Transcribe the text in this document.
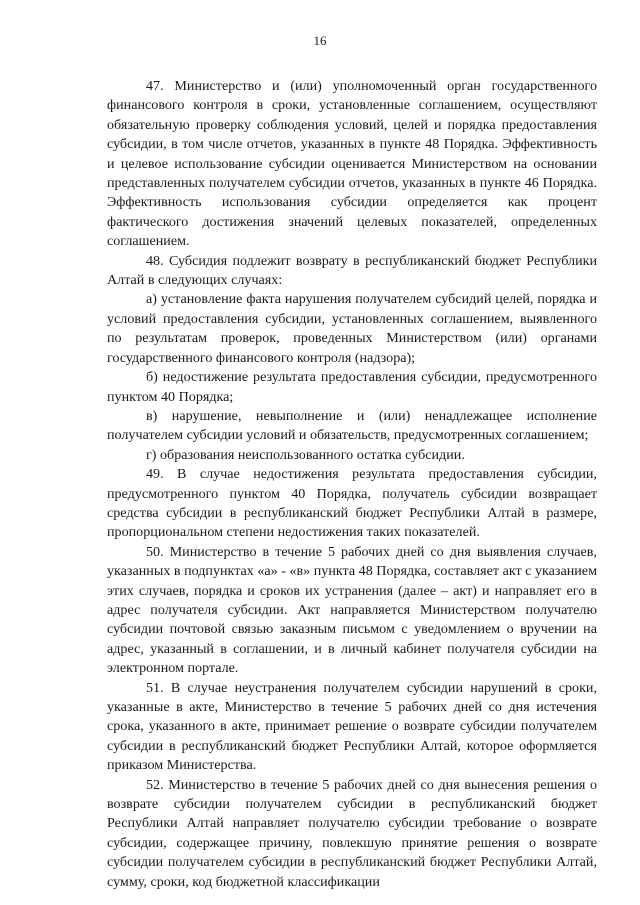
16

47. Министерство и (или) уполномоченный орган государственного финансового контроля в сроки, установленные соглашением, осуществляют обязательную проверку соблюдения условий, целей и порядка предоставления субсидии, в том числе отчетов, указанных в пункте 48 Порядка. Эффективность и целевое использование субсидии оценивается Министерством на основании представленных получателем субсидии отчетов, указанных в пункте 46 Порядка. Эффективность использования субсидии определяется как процент фактического достижения значений целевых показателей, определенных соглашением.

48. Субсидия подлежит возврату в республиканский бюджет Республики Алтай в следующих случаях:

а) установление факта нарушения получателем субсидий целей, порядка и условий предоставления субсидии, установленных соглашением, выявленного по результатам проверок, проведенных Министерством (или) органами государственного финансового контроля (надзора);

б) недостижение результата предоставления субсидии, предусмотренного пунктом 40 Порядка;

в) нарушение, невыполнение и (или) ненадлежащее исполнение получателем субсидии условий и обязательств, предусмотренных соглашением;

г) образования неиспользованного остатка субсидии.

49. В случае недостижения результата предоставления субсидии, предусмотренного пунктом 40 Порядка, получатель субсидии возвращает средства субсидии в республиканский бюджет Республики Алтай в размере, пропорциональном степени недостижения таких показателей.

50. Министерство в течение 5 рабочих дней со дня выявления случаев, указанных в подпунктах «а» - «в» пункта 48 Порядка, составляет акт с указанием этих случаев, порядка и сроков их устранения (далее – акт) и направляет его в адрес получателя субсидии. Акт направляется Министерством получателю субсидии почтовой связью заказным письмом с уведомлением о вручении на адрес, указанный в соглашении, и в личный кабинет получателя субсидии на электронном портале.

51. В случае неустранения получателем субсидии нарушений в сроки, указанные в акте, Министерство в течение 5 рабочих дней со дня истечения срока, указанного в акте, принимает решение о возврате субсидии получателем субсидии в республиканский бюджет Республики Алтай, которое оформляется приказом Министерства.

52. Министерство в течение 5 рабочих дней со дня вынесения решения о возврате субсидии получателем субсидии в республиканский бюджет Республики Алтай направляет получателю субсидии требование о возврате субсидии, содержащее причину, повлекшую принятие решения о возврате субсидии получателем субсидии в республиканский бюджет Республики Алтай, сумму, сроки, код бюджетной классификации
